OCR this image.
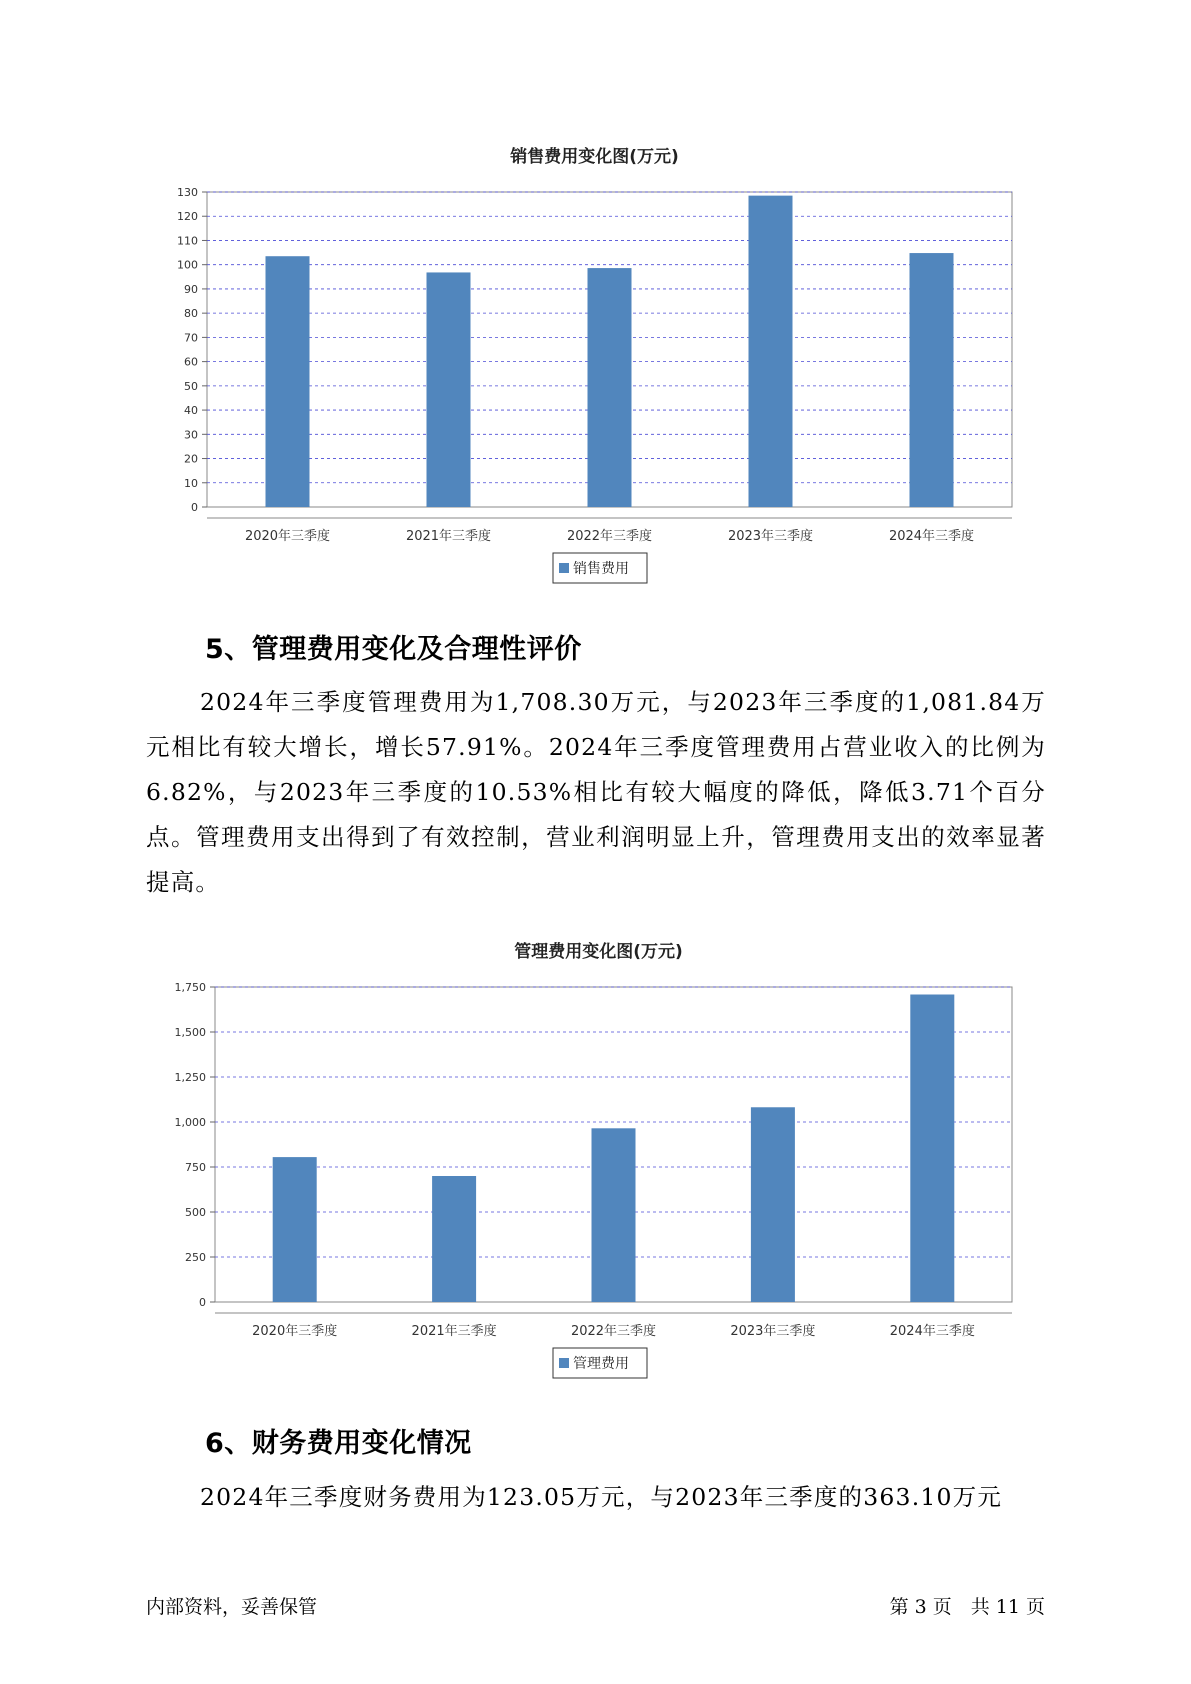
销售费用变化图(万元)
0
10
20
30
40
50
60
70
80
90
100
110
120
130
2020年三季度	2021年三季度	2022年三季度	2023年三季度	2024年三季度
销售费用
5、管理费用变化及合理性评价

2024年三季度管理费用为1,708.30万元，与2023年三季度的1,081.84万元相比有较大增长，增长57.91%。2024年三季度管理费用占营业收入的比例为6.82%，与2023年三季度的10.53%相比有较大幅度的降低，降低3.71个百分点。管理费用支出得到了有效控制，营业利润明显上升，管理费用支出的效率显著提高。

管理费用变化图(万元)
0
250
500
750
1,000
1,250
1,500
1,750
2020年三季度	2021年三季度	2022年三季度	2023年三季度	2024年三季度
管理费用
6、财务费用变化情况

2024年三季度财务费用为123.05万元，与2023年三季度的363.10万元

内部资料，妥善保管	第 3 页　共 11 页
